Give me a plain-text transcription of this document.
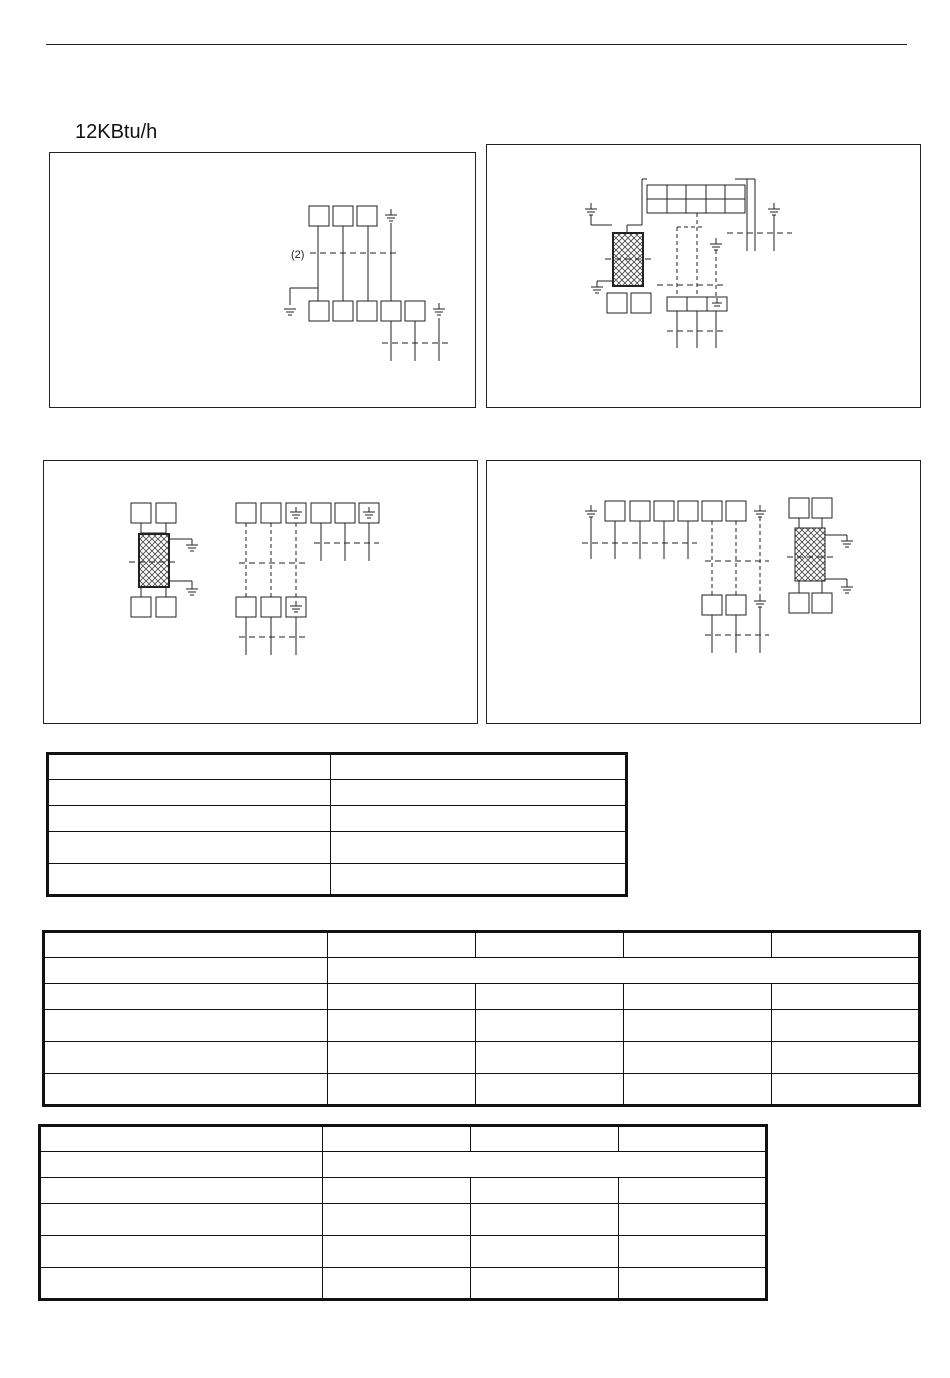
12KBtu/h
(2)
